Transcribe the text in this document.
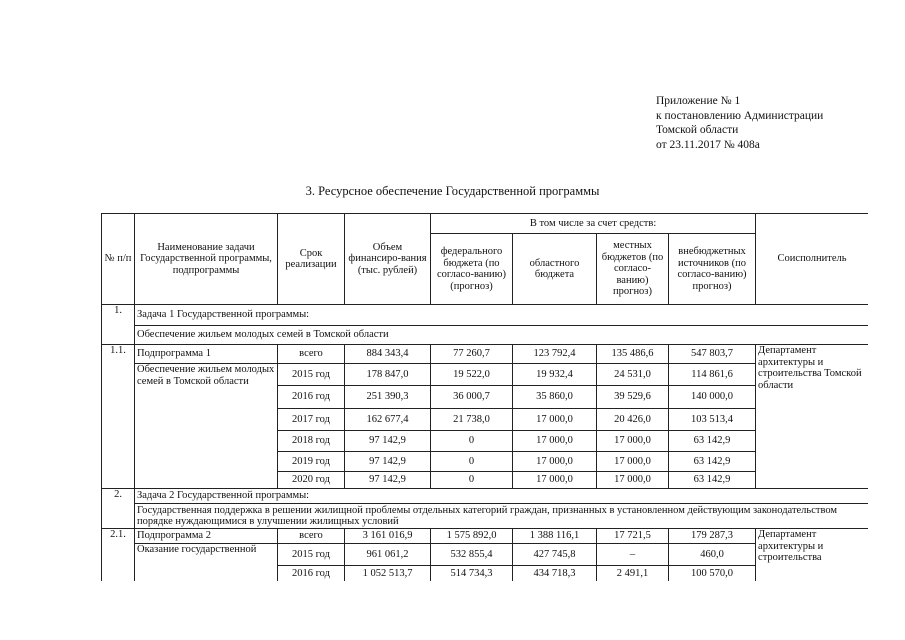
Приложение № 1
к постановлению Администрации
Томской области
от 23.11.2017 № 408а
3. Ресурсное обеспечение Государственной программы
№ п/п	Наименование задачи Государственной программы, подпрограммы	Срок реализации	Объем финансиро-вания (тыс. рублей)	В том числе за счет средств:				Соисполнитель
				федерального бюджета (по согласо-ванию) (прогноз)	областного бюджета	местных бюджетов (по согласо-ванию) прогноз)	внебюджетных источников (по согласо-ванию) прогноз)	
1.	Задача 1 Государственной программы:							
	Обеспечение жильем молодых семей в Томской области							
1.1.	Подпрограмма 1	всего	884 343,4	77 260,7	123 792,4	135 486,6	547 803,7	Департамент архитектуры и строительства Томской области
	Обеспечение жильем молодых семей в Томской области	2015 год	178 847,0	19 522,0	19 932,4	24 531,0	114 861,6	
		2016 год	251 390,3	36 000,7	35 860,0	39 529,6	140 000,0	
		2017 год	162 677,4	21 738,0	17 000,0	20 426,0	103 513,4	
		2018 год	97 142,9	0	17 000,0	17 000,0	63 142,9	
		2019 год	97 142,9	0	17 000,0	17 000,0	63 142,9	
		2020 год	97 142,9	0	17 000,0	17 000,0	63 142,9	
2.	Задача 2 Государственной программы:							
	Государственная поддержка в решении жилищной проблемы отдельных категорий граждан, признанных в установленном действующим законодательством порядке нуждающимися в улучшении жилищных условий							
2.1.	Подпрограмма 2	всего	3 161 016,9	1 575 892,0	1 388 116,1	17 721,5	179 287,3	Департамент архитектуры и строительства
	Оказание государственной	2015 год	961 061,2	532 855,4	427 745,8	–	460,0	
		2016 год	1 052 513,7	514 734,3	434 718,3	2 491,1	100 570,0	
